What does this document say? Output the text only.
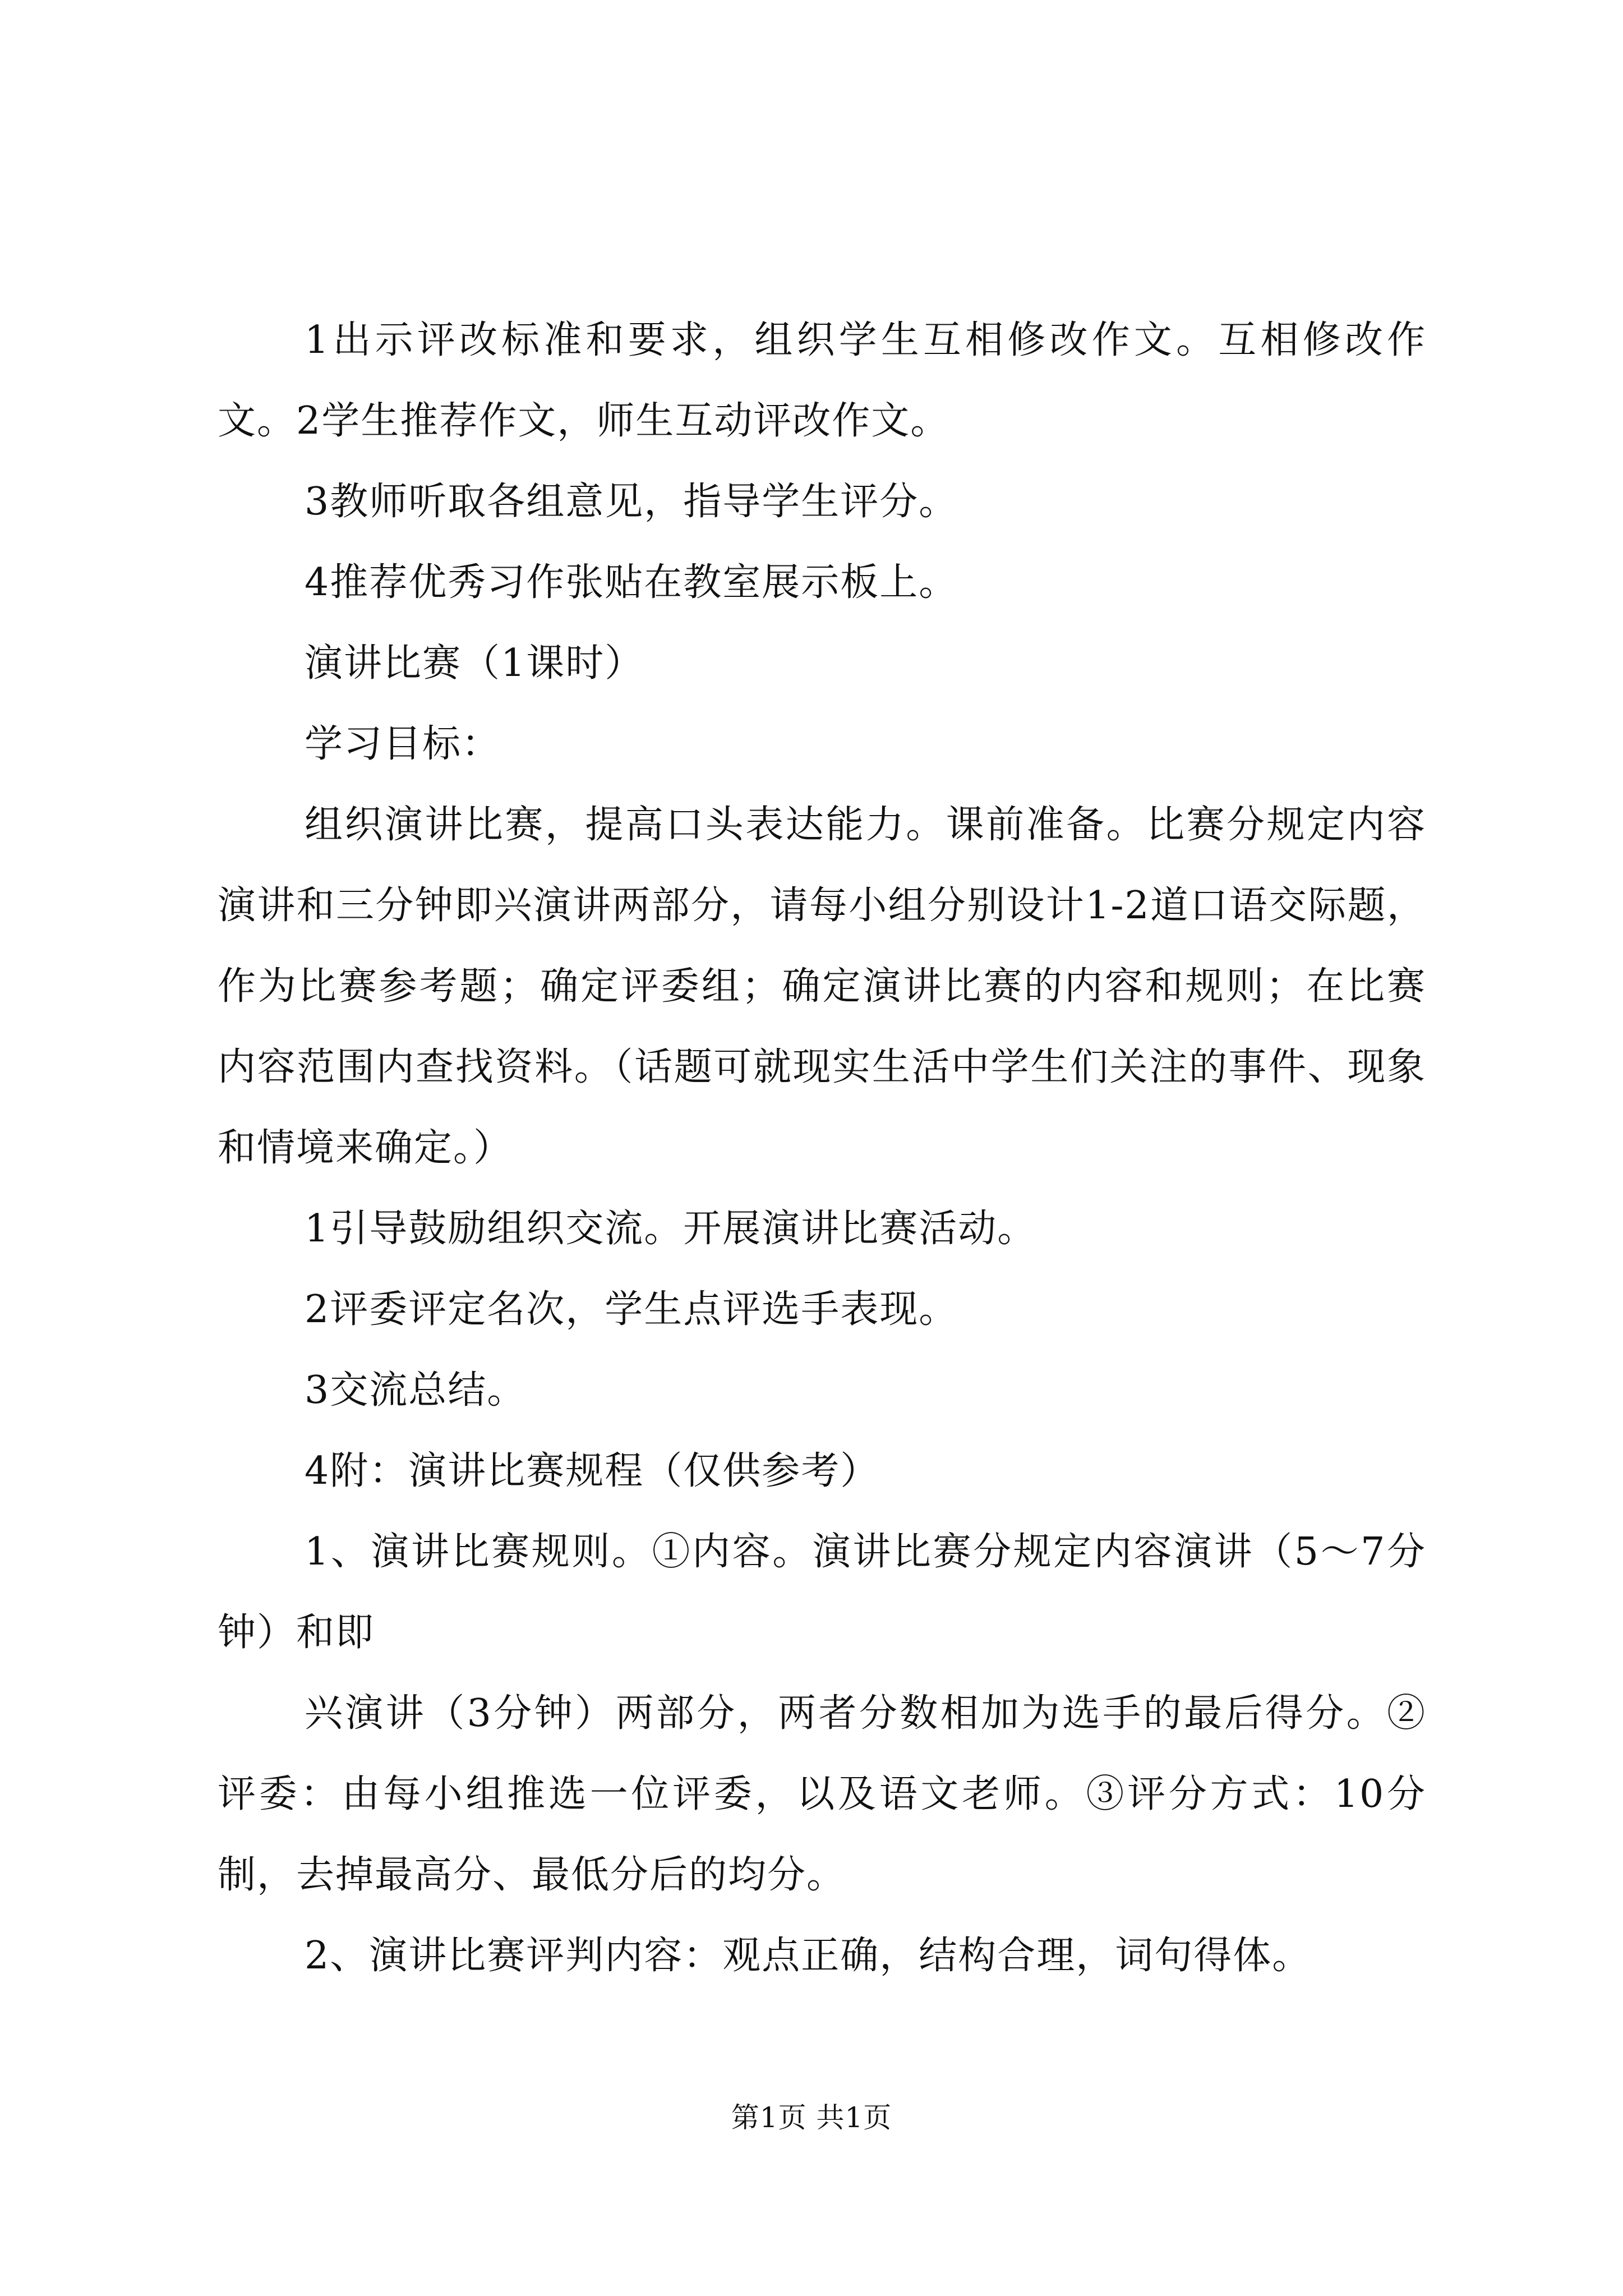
1出示评改标准和要求，组织学生互相修改作文。互相修改作文。2学生推荐作文，师生互动评改作文。

3教师听取各组意见，指导学生评分。

4推荐优秀习作张贴在教室展示板上。

演讲比赛（1课时）

学习目标：

组织演讲比赛，提高口头表达能力。课前准备。比赛分规定内容演讲和三分钟即兴演讲两部分，请每小组分别设计1-2道口语交际题，作为比赛参考题；确定评委组；确定演讲比赛的内容和规则；在比赛内容范围内查找资料。（话题可就现实生活中学生们关注的事件、现象和情境来确定。）

1引导鼓励组织交流。开展演讲比赛活动。

2评委评定名次，学生点评选手表现。

3交流总结。

4附：演讲比赛规程（仅供参考）

1、演讲比赛规则。①内容。演讲比赛分规定内容演讲（5～7分钟）和即

兴演讲（3分钟）两部分，两者分数相加为选手的最后得分。②评委：由每小组推选一位评委，以及语文老师。③评分方式：10分制，去掉最高分、最低分后的均分。

2、演讲比赛评判内容：观点正确，结构合理，词句得体。

第1页 共1页
